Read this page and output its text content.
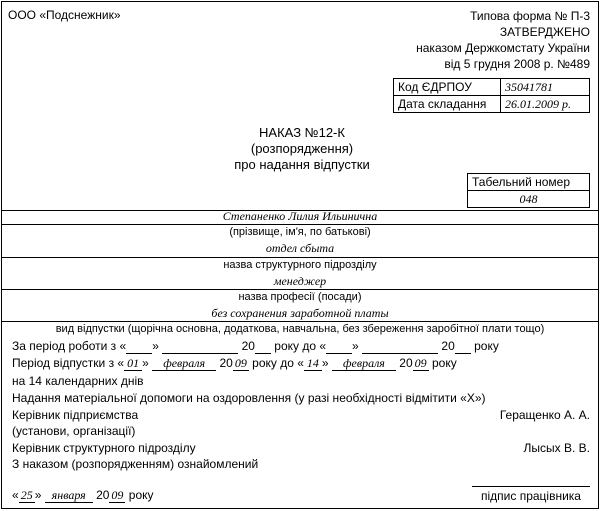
ООО «Подснежник»	Типова форма № П-3
ЗАТВЕРДЖЕНО
наказом Держкомстату України
від 5 грудня 2008 р. №489
Код ЄДРПОУ	35041781
Дата складання	26.01.2009 р.
НАКАЗ №12-К
(розпорядження)
про надання відпустки
Табельний номер
048
Степаненко Лилия Ильинична
(прізвище, ім'я, по батькові)
отдел сбыта
назва структурного підрозділу
менеджер
назва професії (посади)
без сохранения заработной платы
вид відпустки (щорічна основна, додаткова, навчальна, без збереження заробітної плати тощо)
За період роботи з « »	20 року до « »	20 року
Період відпустки з « 01 » февраля 20 09 року до « 14 » февраля 20 09 року
на 14 календарних днів
Надання матеріальної допомоги на оздоровлення (у разі необхідності відмітити «Х»)
Керівник підприємства	Геращенко А. А.
(установи, організації)
Керівник структурного підрозділу	Лысых В. В.
З наказом (розпорядженням) ознайомлений
« 25 » января 20 09 року	підпис працівника
